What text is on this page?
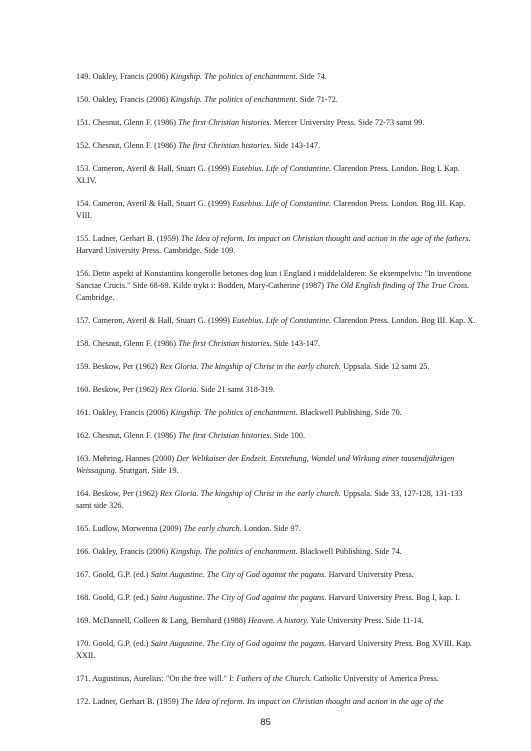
149. Oakley, Francis (2006) Kingship. The politics of enchantment. Side 74.

150. Oakley, Francis (2006) Kingship. The politics of enchantment. Side 71-72.

151. Chesnut, Glenn F. (1986) The first Christian histories. Mercer University Press. Side 72-73 samt 99.

152. Chesnut, Glenn F. (1986) The first Christian histories. Side 143-147.

153. Cameron, Averil & Hall, Stuart G. (1999) Eusebius. Life of Constantine. Clarendon Press. London. Bog I. Kap. XLIV.

154. Cameron, Averil & Hall, Stuart G. (1999) Eusebius. Life of Constantine. Clarendon Press. London. Bog III. Kap. VIII.

155. Ladner, Gerhart B. (1959) The Idea of reform. Its impact on Christian thought and action in the age of the fathers. Harvard University Press. Cambridge. Side 109.

156. Dette aspekt af Konstantins kongerolle betones dog kun i England i middelalderen: Se eksempelvis: "In inventione Sanctae Crucis." Side 68-69. Kilde trykt i: Bodden, Mary-Catherine (1987) The Old English finding of The True Cross. Cambridge.

157. Cameron, Averil & Hall, Stuart G. (1999) Eusebius. Life of Constantine. Clarendon Press. London. Bog III. Kap. X.

158. Chesnut, Glenn F. (1986) The first Christian histories. Side 143-147.

159. Beskow, Per (1962) Rex Gloria. The kingship of Christ in the early church. Uppsala. Side 12 samt 25.

160. Beskow, Per (1962) Rex Gloria. Side 21 samt 318-319.

161. Oakley, Francis (2006) Kingship. The politics of enchantment. Blackwell Publishing. Side 70.

162. Chesnut, Glenn F. (1986) The first Christian histories. Side 100.

163. Møhring, Hannes (2000) Der Weltkaiser der Endzeit. Entstehung, Wandel und Wirkung einer tausendjährigen Weissagung. Stuttgart. Side 19.

164. Beskow, Per (1962) Rex Gloria. The kingship of Christ in the early church. Uppsala. Side 33, 127-128, 131-133 samt side 326.

165. Ludlow, Morwenna (2009) The early church. London. Side 97.

166. Oakley, Francis (2006) Kingship. The politics of enchantment. Blackwell Publishing. Side 74.

167. Goold, G.P. (ed.) Saint Augustine. The City of God against the pagans. Harvard University Press.

168. Goold, G.P. (ed.) Saint Augustine. The City of God against the pagans. Harvard University Press. Bog I, kap. I.

169. McDannell, Colleen & Lang, Bernhard (1988) Heaven. A history. Yale University Press. Side 11-14.

170. Goold, G.P. (ed.) Saint Augustine. The City of God against the pagans. Harvard University Press. Bog XVIII. Kap. XXII.

171. Augustinus, Aurelius: "On the free will." I: Fathers of the Church. Catholic University of America Press.

172. Ladner, Gerhart B. (1959) The Idea of reform. Its impact on Christian thought and action in the age of the

85
